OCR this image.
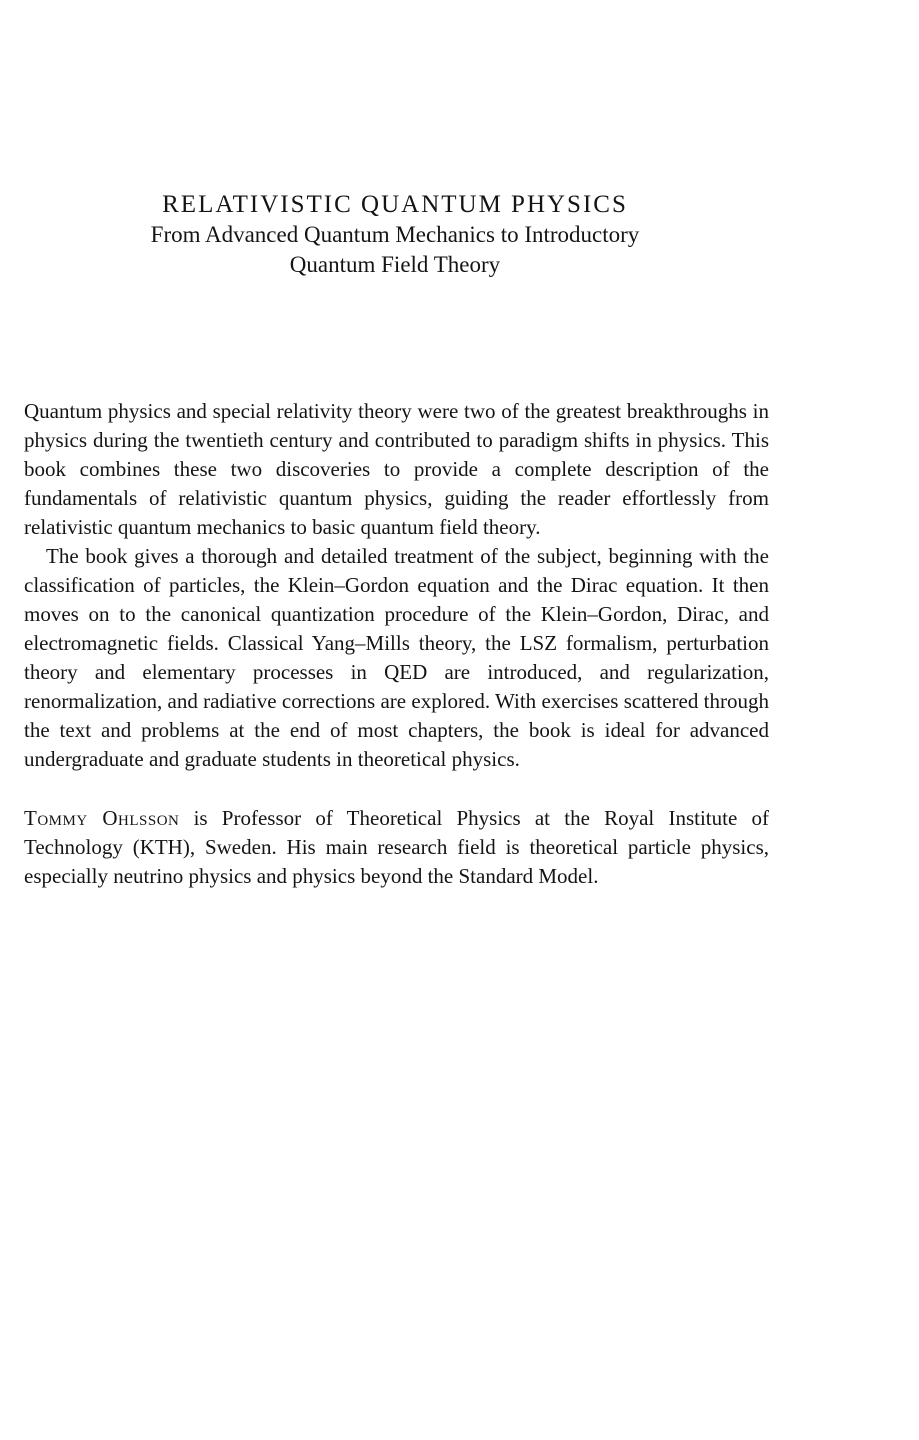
RELATIVISTIC QUANTUM PHYSICS
From Advanced Quantum Mechanics to Introductory
Quantum Field Theory

Quantum physics and special relativity theory were two of the greatest breakthroughs in physics during the twentieth century and contributed to paradigm shifts in physics. This book combines these two discoveries to provide a complete description of the fundamentals of relativistic quantum physics, guiding the reader effortlessly from relativistic quantum mechanics to basic quantum field theory.

The book gives a thorough and detailed treatment of the subject, beginning with the classification of particles, the Klein–Gordon equation and the Dirac equation. It then moves on to the canonical quantization procedure of the Klein–Gordon, Dirac, and electromagnetic fields. Classical Yang–Mills theory, the LSZ formalism, perturbation theory and elementary processes in QED are introduced, and regularization, renormalization, and radiative corrections are explored. With exercises scattered through the text and problems at the end of most chapters, the book is ideal for advanced undergraduate and graduate students in theoretical physics.

Tommy Ohlsson is Professor of Theoretical Physics at the Royal Institute of Technology (KTH), Sweden. His main research field is theoretical particle physics, especially neutrino physics and physics beyond the Standard Model.
